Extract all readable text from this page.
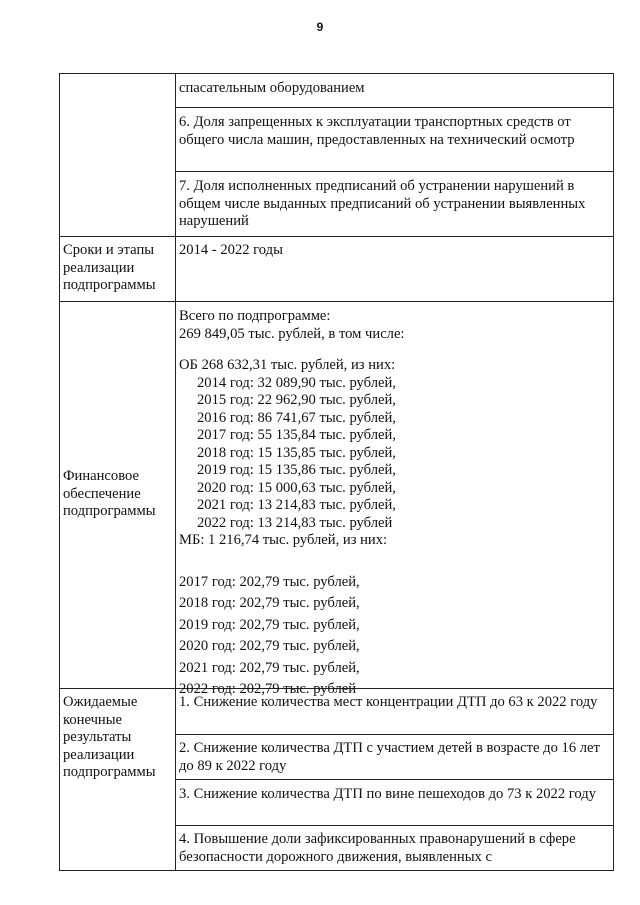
9
спасательным оборудованием
6. Доля запрещенных к эксплуатации транспортных средств от общего числа машин, предоставленных на технический осмотр
7. Доля исполненных предписаний об устранении нарушений в общем числе выданных предписаний об устранении выявленных нарушений
Сроки и этапы реализации подпрограммы
2014 - 2022 годы
Финансовое обеспечение подпрограммы
Всего по подпрограмме:
269 849,05 тыс. рублей, в том числе:
ОБ 268 632,31 тыс. рублей, из них:
2014 год: 32 089,90 тыс. рублей,
2015 год: 22 962,90 тыс. рублей,
2016 год: 86 741,67 тыс. рублей,
2017 год: 55 135,84 тыс. рублей,
2018 год: 15 135,85 тыс. рублей,
2019 год: 15 135,86 тыс. рублей,
2020 год: 15 000,63 тыс. рублей,
2021 год: 13 214,83 тыс. рублей,
2022 год: 13 214,83 тыс. рублей
МБ: 1 216,74 тыс. рублей, из них:
2017 год: 202,79 тыс. рублей,
2018 год: 202,79 тыс. рублей,
2019 год: 202,79 тыс. рублей,
2020 год: 202,79 тыс. рублей,
2021 год: 202,79 тыс. рублей,
2022 год: 202,79 тыс. рублей
Ожидаемые конечные результаты реализации подпрограммы
1. Снижение количества мест концентрации ДТП до 63 к 2022 году
2. Снижение количества ДТП с участием детей в возрасте до 16 лет до 89 к 2022 году
3. Снижение количества ДТП по вине пешеходов до 73 к 2022 году
4. Повышение доли зафиксированных правонарушений в сфере безопасности дорожного движения, выявленных с
